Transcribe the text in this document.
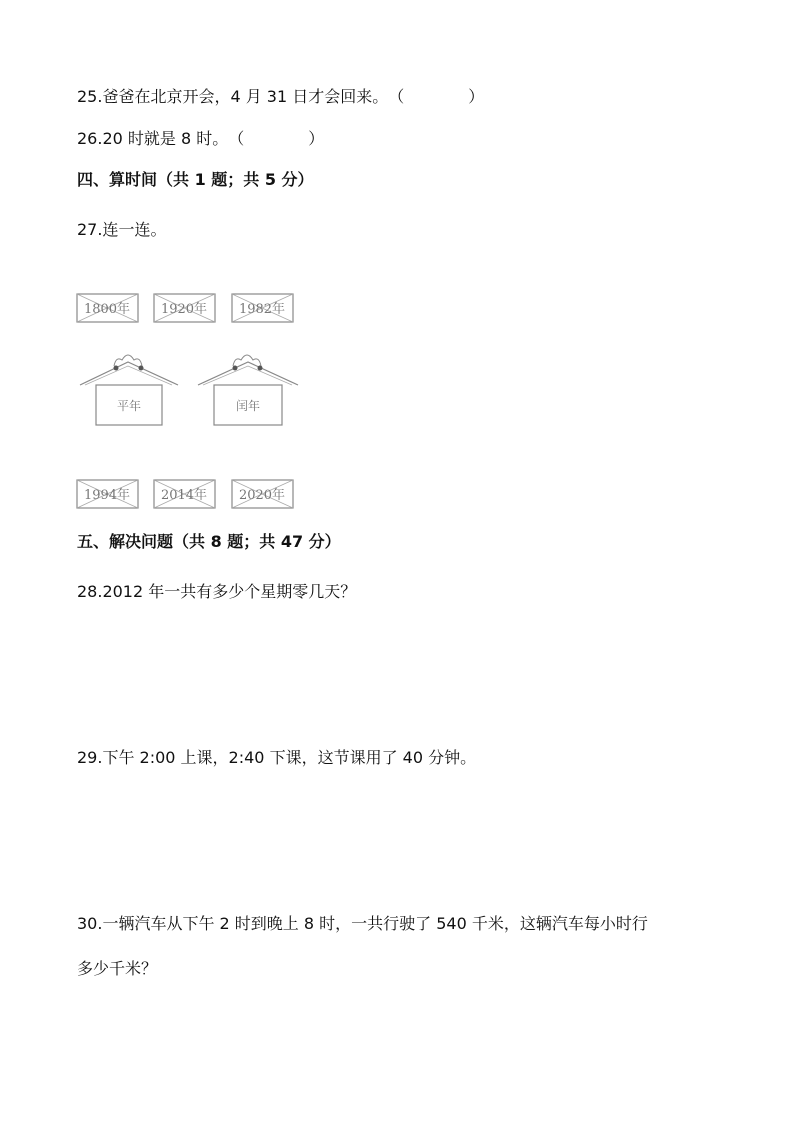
25.爸爸在北京开会，4 月 31 日才会回来。（　　　　）
26.20 时就是 8 时。（　　　　）
四、算时间（共 1 题；共 5 分）
27.连一连。
1800年 1920年 1982年
平年	闰年
1994年 2014年 2020年
五、解决问题（共 8 题；共 47 分）
28.2012 年一共有多少个星期零几天？
29.下午 2:00 上课，2:40 下课，这节课用了 40 分钟。
30.一辆汽车从下午 2 时到晚上 8 时，一共行驶了 540 千米，这辆汽车每小时行
多少千米？
